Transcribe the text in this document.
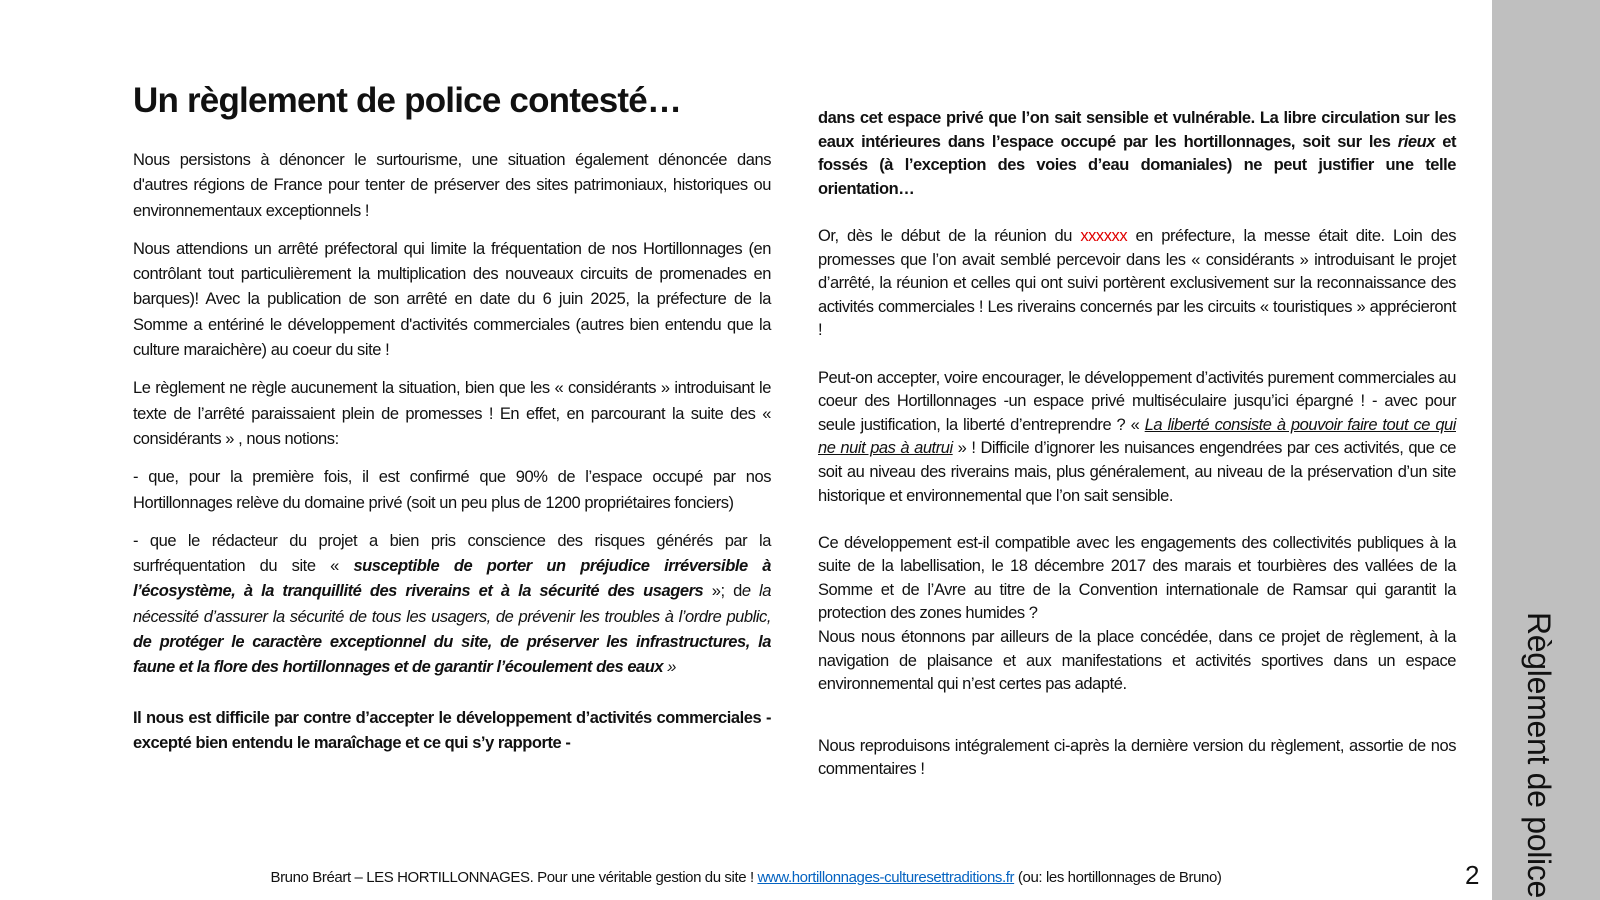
Un règlement de police contesté…

Nous persistons à dénoncer le surtourisme, une situation également dénoncée dans d'autres régions de France pour tenter de préserver des sites patrimoniaux, historiques ou environnementaux exceptionnels !

Nous attendions un arrêté préfectoral qui limite la fréquentation de nos Hortillonnages (en contrôlant tout particulièrement la multiplication des nouveaux circuits de promenades en barques)! Avec la publication de son arrêté en date du 6 juin 2025, la préfecture de la Somme a entériné le développement d'activités commerciales (autres bien entendu que la culture maraichère) au coeur du site !

Le règlement ne règle aucunement la situation, bien que les « considérants » introduisant le texte de l’arrêté paraissaient plein de promesses ! En effet, en parcourant la suite des « considérants » , nous notions:

- que, pour la première fois, il est confirmé que 90% de l’espace occupé par nos Hortillonnages relève du domaine privé (soit un peu plus de 1200 propriétaires fonciers)

- que le rédacteur du projet a bien pris conscience des risques générés par la surfréquentation du site « susceptible de porter un préjudice irréversible à l’écosystème, à la tranquillité des riverains et à la sécurité des usagers »; de la nécessité d’assurer la sécurité de tous les usagers, de prévenir les troubles à l’ordre public, de protéger le caractère exceptionnel du site, de préserver les infrastructures, la faune et la flore des hortillonnages et de garantir l’écoulement des eaux »

Il nous est difficile par contre d’accepter le développement d’activités commerciales - excepté bien entendu le maraîchage et ce qui s’y rapporte -

dans cet espace privé que l’on sait sensible et vulnérable. La libre circulation sur les eaux intérieures dans l’espace occupé par les hortillonnages, soit sur les rieux et fossés (à l’exception des voies d’eau domaniales) ne peut justifier une telle orientation…

Or, dès le début de la réunion du xxxxxx en préfecture, la messe était dite. Loin des promesses que l’on avait semblé percevoir dans les « considérants » introduisant le projet d’arrêté, la réunion et celles qui ont suivi portèrent exclusivement sur la reconnaissance des activités commerciales ! Les riverains concernés par les circuits « touristiques » apprécieront !

Peut-on accepter, voire encourager, le développement d’activités purement commerciales au coeur des Hortillonnages -un espace privé multiséculaire jusqu’ici épargné ! - avec pour seule justification, la liberté d’entreprendre ? « La liberté consiste à pouvoir faire tout ce qui ne nuit pas à autrui » ! Difficile d’ignorer les nuisances engendrées par ces activités, que ce soit au niveau des riverains mais, plus généralement, au niveau de la préservation d’un site historique et environnemental que l’on sait sensible.

Ce développement est-il compatible avec les engagements des collectivités publiques à la suite de la labellisation, le 18 décembre 2017 des marais et tourbières des vallées de la Somme et de l’Avre au titre de la Convention internationale de Ramsar qui garantit la protection des zones humides ?

Nous nous étonnons par ailleurs de la place concédée, dans ce projet de règlement, à la navigation de plaisance et aux manifestations et activités sportives dans un espace environnemental qui n’est certes pas adapté.

Nous reproduisons intégralement ci-après la dernière version du règlement, assortie de nos commentaires !	Règlement de police
2
Bruno Bréart – LES HORTILLONNAGES. Pour une véritable gestion du site ! www.hortillonnages-culturesettraditions.fr (ou: les hortillonnages de Bruno)
